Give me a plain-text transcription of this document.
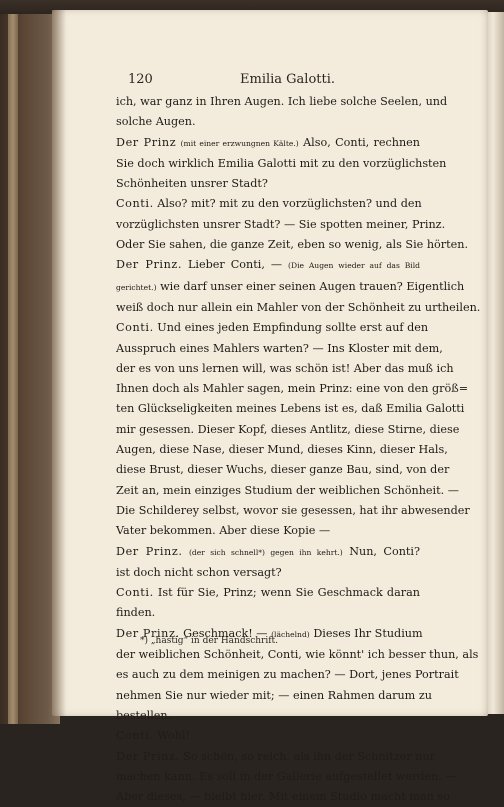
120	Emilia Galotti.
ich, war ganz in Ihren Augen. Ich liebe solche Seelen, und
solche Augen.
Der Prinz (mit einer erzwungnen Kälte.) Also, Conti, rechnen
Sie doch wirklich Emilia Galotti mit zu den vorzüglichsten
Schönheiten unsrer Stadt?
Conti. Also? mit? mit zu den vorzüglichsten? und den
vorzüglichsten unsrer Stadt? — Sie spotten meiner, Prinz.
Oder Sie sahen, die ganze Zeit, eben so wenig, als Sie hörten.
Der Prinz. Lieber Conti, — (Die Augen wieder auf das Bild
gerichtet.) wie darf unser einer seinen Augen trauen? Eigentlich
weiß doch nur allein ein Mahler von der Schönheit zu urtheilen.
Conti. Und eines jeden Empfindung sollte erst auf den
Ausspruch eines Mahlers warten? — Ins Kloster mit dem,
der es von uns lernen will, was schön ist! Aber das muß ich
Ihnen doch als Mahler sagen, mein Prinz: eine von den größ=
ten Glückseligkeiten meines Lebens ist es, daß Emilia Galotti
mir gesessen. Dieser Kopf, dieses Antlitz, diese Stirne, diese
Augen, diese Nase, dieser Mund, dieses Kinn, dieser Hals,
diese Brust, dieser Wuchs, dieser ganze Bau, sind, von der
Zeit an, mein einziges Studium der weiblichen Schönheit. —
Die Schilderey selbst, wovor sie gesessen, hat ihr abwesender
Vater bekommen. Aber diese Kopie —
Der Prinz. (der sich schnell*) gegen ihn kehrt.) Nun, Conti?
ist doch nicht schon versagt?
Conti. Ist für Sie, Prinz; wenn Sie Geschmack daran
finden.
Der Prinz. Geschmack! — (lächelnd) Dieses Ihr Studium
der weiblichen Schönheit, Conti, wie könnt' ich besser thun, als
es auch zu dem meinigen zu machen? — Dort, jenes Portrait
nehmen Sie nur wieder mit; — einen Rahmen darum zu
bestellen.
Conti. Wohl!
Der Prinz. So schön, so reich, als ihn der Schnitzer nur
machen kann. Es soll in der Gallerie aufgestellet werden. —
Aber dieses, — bleibt hier. Mit einem Studio macht man so
*) „hastig“ in der Handschrift.
